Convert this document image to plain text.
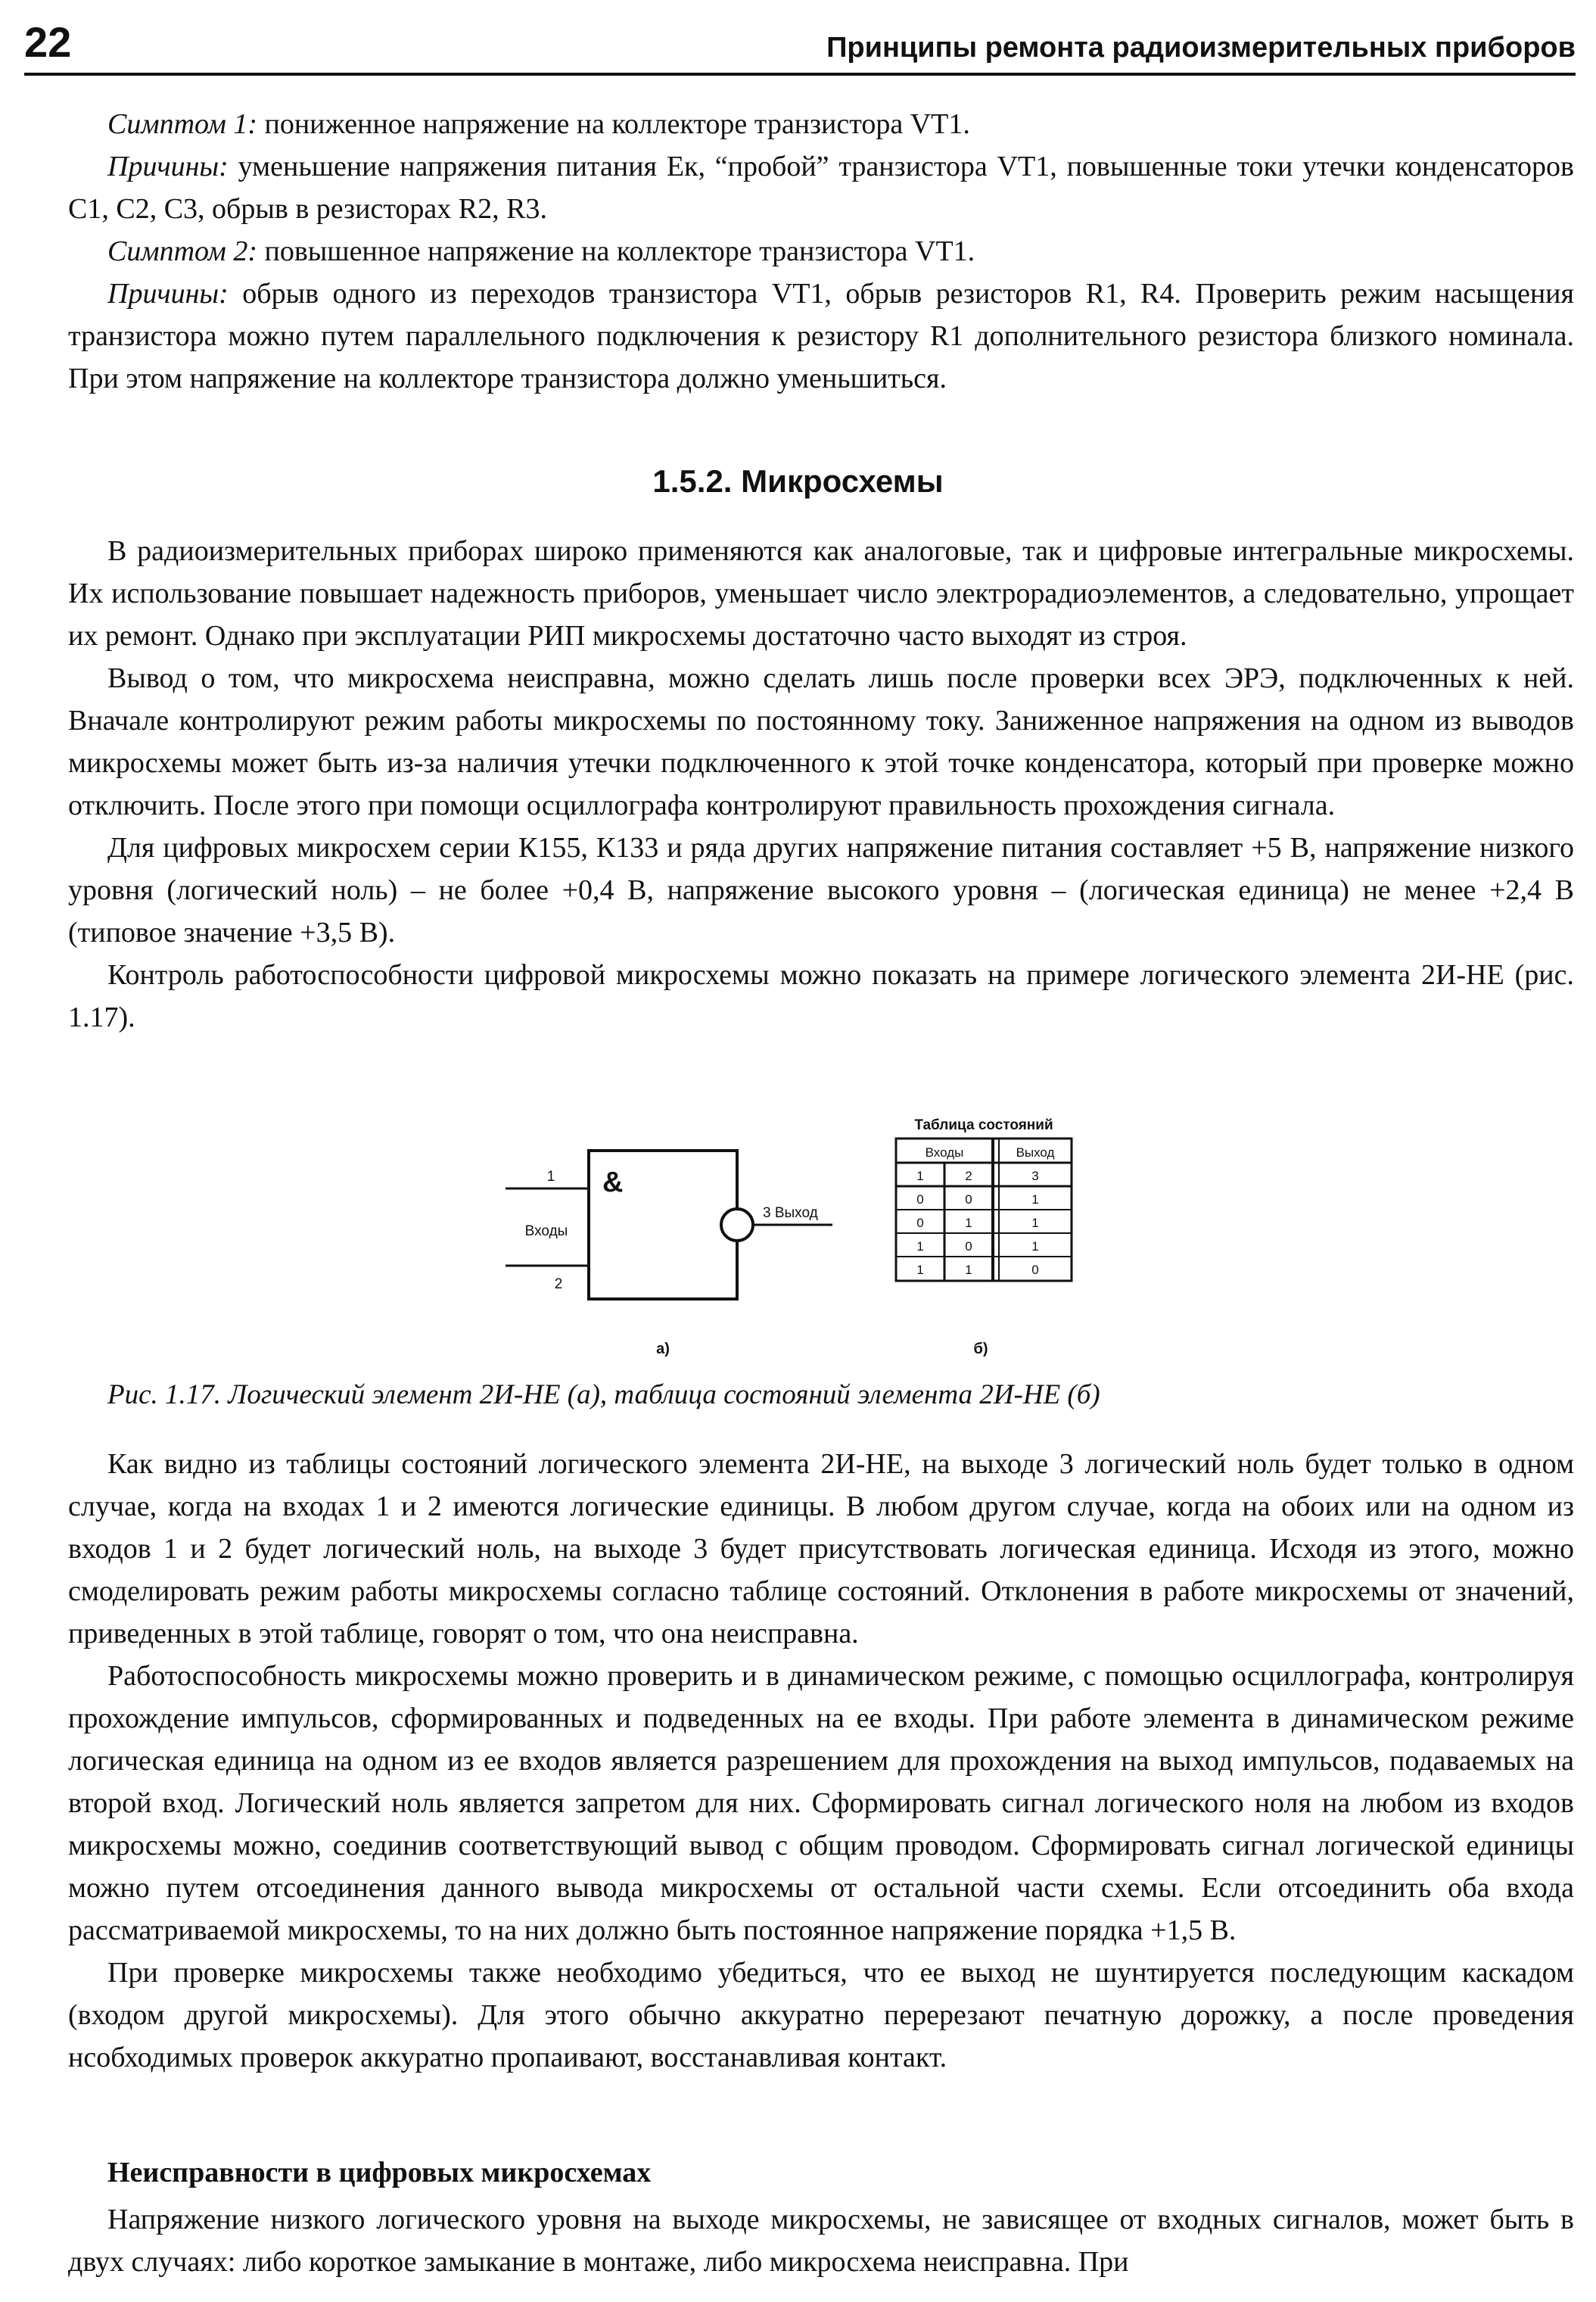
22	Принципы ремонта радиоизмерительных приборов

Симптом 1: пониженное напряжение на коллекторе транзистора VT1.

Причины: уменьшение напряжения питания Ек, “пробой” транзистора VT1, повышенные токи утечки конденсаторов С1, С2, С3, обрыв в резисторах R2, R3.

Симптом 2: повышенное напряжение на коллекторе транзистора VT1.

Причины: обрыв одного из переходов транзистора VT1, обрыв резисторов R1, R4. Проверить режим насыщения транзистора можно путем параллельного подключения к резистору R1 дополнительного резистора близкого номинала. При этом напряжение на коллекторе транзистора должно уменьшиться.

1.5.2. Микросхемы

В радиоизмерительных приборах широко применяются как аналоговые, так и цифровые интегральные микросхемы. Их использование повышает надежность приборов, уменьшает число электрорадиоэлементов, а следовательно, упрощает их ремонт. Однако при эксплуатации РИП микросхемы достаточно часто выходят из строя.

Вывод о том, что микросхема неисправна, можно сделать лишь после проверки всех ЭРЭ, подключенных к ней. Вначале контролируют режим работы микросхемы по постоянному току. Заниженное напряжения на одном из выводов микросхемы может быть из-за наличия утечки подключенного к этой точке конденсатора, который при проверке можно отключить. После этого при помощи осциллографа контролируют правильность прохождения сигнала.

Для цифровых микросхем серии К155, К133 и ряда других напряжение питания составляет +5 В, напряжение низкого уровня (логический ноль) – не более +0,4 В, напряжение высокого уровня – (логическая единица) не менее +2,4 В (типовое значение +3,5 В).

Контроль работоспособности цифровой микросхемы можно показать на примере логического элемента 2И-НЕ (рис. 1.17).

&
1
Входы
2
3 Выход
а)
Таблица состояний
Входы	Выход
1	2	3
0	0	1
0	1	1
1	0	1
1	1	0
б)
Рис. 1.17. Логический элемент 2И-НЕ (а), таблица состояний элемента 2И-НЕ (б)

Как видно из таблицы состояний логического элемента 2И-НЕ, на выходе 3 логический ноль будет только в одном случае, когда на входах 1 и 2 имеются логические единицы. В любом другом случае, когда на обоих или на одном из входов 1 и 2 будет логический ноль, на выходе 3 будет присутствовать логическая единица. Исходя из этого, можно смоделировать режим работы микросхемы согласно таблице состояний. Отклонения в работе микросхемы от значений, приведенных в этой таблице, говорят о том, что она неисправна.

Работоспособность микросхемы можно проверить и в динамическом режиме, с помощью осциллографа, контролируя прохождение импульсов, сформированных и подведенных на ее входы. При работе элемента в динамическом режиме логическая единица на одном из ее входов является разрешением для прохождения на выход импульсов, подаваемых на второй вход. Логический ноль является запретом для них. Сформировать сигнал логического ноля на любом из входов микросхемы можно, соединив соответствующий вывод с общим проводом. Сформировать сигнал логической единицы можно путем отсоединения данного вывода микросхемы от остальной части схемы. Если отсоединить оба входа рассматриваемой микросхемы, то на них должно быть постоянное напряжение порядка +1,5 В.

При проверке микросхемы также необходимо убедиться, что ее выход не шунтируется последующим каскадом (входом другой микросхемы). Для этого обычно аккуратно перерезают печатную дорожку, а после проведения нсобходимых проверок аккуратно пропаивают, восстанавливая контакт.

Неисправности в цифровых микросхемах

Напряжение низкого логического уровня на выходе микросхемы, не зависящее от входных сигналов, может быть в двух случаях: либо короткое замыкание в монтаже, либо микросхема неисправна. При
